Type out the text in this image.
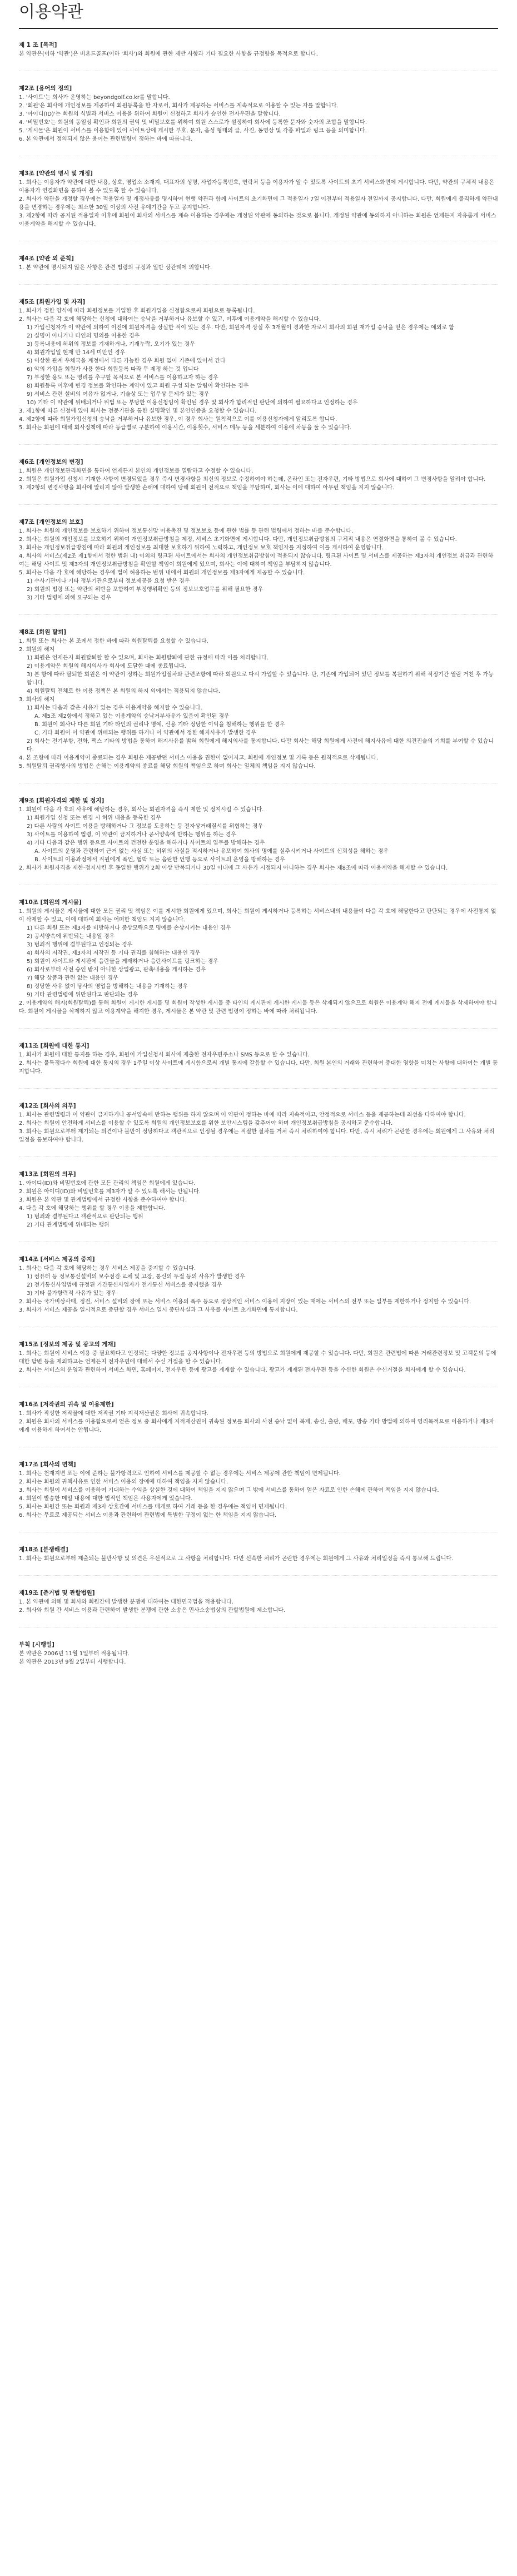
이용약관
제 1 조 [목적]

본 약관은(이하 '약관')은 비욘드골프(이하 '회사')와 회원에 관한 제반 사항과 기타 필요한 사항을 규정함을 목적으로 합니다.

제2조 [용어의 정의]

1. '사이트'는 회사가 운영하는 beyondgolf.co.kr를 말합니다.

2. '회원'은 회사에 개인정보를 제공하여 회원등록을 한 자로서, 회사가 제공하는 서비스를 계속적으로 이용할 수 있는 자를 말합니다.

3. '아이디(ID)'는 회원의 식별과 서비스 이용을 위하여 회원이 신청하고 회사가 승인한 전자우편을 말합니다.

4. '비밀번호'는 회원의 동일성 확인과 회원의 권익 및 비밀보호를 위하여 회원 스스로가 설정하여 회사에 등록한 문자와 숫자의 조합을 말합니다.

5. '게시물'은 회원이 서비스를 이용함에 있어 사이트상에 게시한 부호, 문자, 음성 형태의 글, 사진, 동영상 및 각종 파일과 링크 등을 의미합니다.

6. 본 약관에서 정의되지 않은 용어는 관련법령이 정하는 바에 따릅니다.

제3조 [약관의 명시 및 개정]

1. 회사는 이용자가 약관에 대한 내용, 상호, 영업소 소재지, 대표자의 성명, 사업자등록번호, 연락처 등을 이용자가 알 수 있도록 사이트의 초기 서비스화면에 게시합니다. 다만, 약관의 구체적 내용은 이용자가 연결화면을 통하여 볼 수 있도록 할 수 있습니다.

2. 회사가 약관을 개정할 경우에는 적용일자 및 개정사유를 명시하여 현행 약관과 함께 사이트의 초기화면에 그 적용일자 7일 이전부터 적용일자 전일까지 공지합니다. 다만, 회원에게 불리하게 약관내용을 변경하는 경우에는 최소한 30일 이상의 사전 유예기간을 두고 공지합니다.

3. 제2항에 따라 공지된 적용일자 이후에 회원이 회사의 서비스를 계속 이용하는 경우에는 개정된 약관에 동의하는 것으로 봅니다. 개정된 약관에 동의하지 아니하는 회원은 언제든지 자유롭게 서비스 이용계약을 해지할 수 있습니다.

제4조 [약관 외 준칙]

1. 본 약관에 명시되지 않은 사항은 관련 법령의 규정과 일반 상관례에 의합니다.

제5조 [회원가입 및 자격]

1. 회사가 정한 양식에 따라 회원정보를 기입한 후 회원가입을 신청함으로써 회원으로 등록됩니다.

2. 회사는 다음 각 호에 해당하는 신청에 대하여는 승낙을 거부하거나 유보할 수 있고, 이후에 이용계약을 해지할 수 있습니다.

1) 가입신청자가 이 약관에 의하여 이전에 회원자격을 상실한 적이 있는 경우. 다만, 회원자격 상실 후 3개월이 경과한 자로서 회사의 회원 재가입 승낙을 얻은 경우에는 예외로 함

2) 실명이 아니거나 타인의 명의를 이용한 경우

3) 등록내용에 허위의 정보를 기재하거나, 기재누락, 오기가 있는 경우

4) 회원가입일 현재 만 14세 미만인 경우

5) 이상한 관계 우체국을 계정에서 다른 가능한 경우 회원 없이 기존에 있어서 간다

6) 악의 가입을 회원가 사용 한다 회원등록 따라 무 제정 하는 것 입니다

7) 부정한 용도 또는 영리를 추구할 목적으로 본 서비스를 이용하고자 하는 경우

8) 회원등록 이후에 변경 정보를 확인하는 계약이 있고 회원 구성 되는 알림이 확인하는 경우

9) 서비스 관련 설비의 여유가 없거나, 기술상 또는 업무상 문제가 있는 경우

10) 기타 이 약관에 위배되거나 위법 또는 부당한 이용신청임이 확인된 경우 및 회사가 합리적인 판단에 의하여 필요하다고 인정하는 경우

3. 제1항에 따른 신청에 있어 회사는 전문기관을 통한 실명확인 및 본인인증을 요청할 수 있습니다.

4. 제2항에 따라 회원가입신청의 승낙을 거부하거나 유보한 경우, 이 경우 회사는 원칙적으로 이를 이용신청자에게 알리도록 합니다.

5. 회사는 회원에 대해 회사정책에 따라 등급별로 구분하여 이용시간, 이용횟수, 서비스 메뉴 등을 세분하여 이용에 차등을 둘 수 있습니다.

제6조 [개인정보의 변경]

1. 회원은 개인정보관리화면을 통하여 언제든지 본인의 개인정보를 열람하고 수정할 수 있습니다.

2. 회원은 회원가입 신청시 기재한 사항이 변경되었을 경우 즉시 변경사항을 최신의 정보로 수정하여야 하는데, 온라인 또는 전자우편, 기타 방법으로 회사에 대하여 그 변경사항을 알려야 합니다.

3. 제2항의 변경사항을 회사에 알리지 않아 발생한 손해에 대하여 당해 회원이 전적으로 책임을 부담하며, 회사는 이에 대하여 아무런 책임을 지지 않습니다.

제7조 [개인정보의 보호]

1. 회사는 회원의 개인정보를 보호하기 위하여 정보통신망 이용촉진 및 정보보호 등에 관한 법률 등 관련 법령에서 정하는 바를 준수합니다.

2. 회사는 회원의 개인정보를 보호하기 위하여 개인정보취급방침을 제정, 서비스 초기화면에 게시합니다. 다만, 개인정보취급방침의 구체적 내용은 연결화면을 통하여 볼 수 있습니다.

3. 회사는 개인정보취급방침에 따라 회원의 개인정보를 최대한 보호하기 위하여 노력하고, 개인정보 보호 책임자를 지정하여 이를 게시하여 운영합니다.

4. 회사의 서비스(제2조 제1항에서 정한 범위 내) 이외의 링크된 사이트에서는 회사의 개인정보취급방침이 적용되지 않습니다. 링크된 사이트 및 서비스를 제공하는 제3자의 개인정보 취급과 관련하여는 해당 사이트 및 제3자의 개인정보취급방침을 확인할 책임이 회원에게 있으며, 회사는 이에 대하여 책임을 부담하지 않습니다.

5. 회사는 다음 각 호에 해당하는 경우에 법이 허용하는 범위 내에서 회원의 개인정보를 제3자에게 제공할 수 있습니다.

1) 수사기관이나 기타 정부기관으로부터 정보제공을 요청 받은 경우

2) 회원의 법령 또는 약관의 위반을 포함하여 부정행위확인 등의 정보보호업무를 위해 필요한 경우

3) 기타 법령에 의해 요구되는 경우

제8조 [회원 탈퇴]

1. 회원 또는 회사는 본 조에서 정한 바에 따라 회원탈퇴를 요청할 수 있습니다.

2. 회원의 해지

1) 회원은 언제든지 회원탈퇴할 할 수 있으며, 회사는 회원탈퇴에 관한 규정에 따라 이를 처리합니다.

2) 이용계약은 회원의 해지의사가 회사에 도달한 때에 종료됩니다.

3) 본 항에 따라 탈퇴한 회원은 이 약관이 정하는 회원가입절차와 관련조항에 따라 회원으로 다시 가입할 수 있습니다. 단, 기존에 가입되어 있던 정보를 복원하기 위해 적정기간 열람 거친 후 가능합니다.

4) 회원탈퇴 전체로 한 이용 정책은 본 회원의 하지 외에서는 적용되지 않습니다.

3. 회사의 해지

1) 회사는 다음과 같은 사유가 있는 경우 이용계약을 해지할 수 있습니다.

A. 제5조 제2항에서 정하고 있는 이용계약의 승낙거부사유가 있음이 확인된 경우

B. 회원이 회사나 다른 회원 기타 타인의 권리나 명예, 신용 기타 정당한 이익을 침해하는 행위를 한 경우

C. 기타 회원이 이 약관에 위배되는 행위를 하거나 이 약관에서 정한 해지사유가 발생한 경우

2) 회사는 전기부항, 전화, 팩스 기타의 방법을 통하여 해지사유를 밝혀 회원에게 해지의사를 통지합니다. 다만 회사는 해당 회원에게 사전에 해지사유에 대한 의견진술의 기회를 부여할 수 있습니다.

4. 본 조항에 따라 이용계약이 종료되는 경우 회원은 제공받던 서비스 이용을 권한이 없어지고, 회원에 개인정보 및 기록 등은 원칙적으로 삭제됩니다.

5. 회원탈퇴 권리행사의 방법은 손해는 이용계약의 종료를 해당 회원의 책임으로 하며 회사는 일체의 책임을 지지 않습니다.

제9조 [회원자격의 제한 및 정지]

1. 회원이 다음 각 호의 사유에 해당하는 경우, 회사는 회원자격을 즉시 제한 및 정지시킬 수 있습니다.

1) 회원가입 신청 또는 변경 시 허위 내용을 등록한 경우

2) 다른 사람의 사이트 이용을 방해하거나 그 정보를 도용하는 등 전자상거래질서를 위협하는 경우

3) 사이트를 이용하여 법령, 이 약관이 금지하거나 공서양속에 반하는 행위를 하는 경우

4) 기타 다음과 같은 행위 등으로 사이트의 건전한 운영을 해하거나 사이트의 업무를 방해하는 경우

A. 사이트의 운영과 관련하여 근거 없는 사실 또는 허위의 사실을 적시하거나 유포하여 회사의 명예를 실추시키거나 사이트의 신뢰성을 해하는 경우

B. 사이트의 이용과정에서 직원에게 폭언, 협박 또는 음란한 언행 등으로 사이트의 운영을 방해하는 경우

2. 회사가 회원자격을 제한·정지시킨 후 동일한 행위가 2회 이상 반복되거나 30일 이내에 그 사유가 시정되지 아니하는 경우 회사는 제8조에 따라 이용계약을 해지할 수 있습니다.

제10조 [회원의 게시물]

1. 회원의 게시물은 게시물에 대한 모든 권리 및 책임은 이를 게시한 회원에게 있으며, 회사는 회원이 게시하거나 등록하는 서비스내의 내용물이 다음 각 호에 해당한다고 판단되는 경우에 사전통지 없이 삭제할 수 있고, 이에 대하여 회사는 어떠한 책임도 지지 않습니다.

1) 다른 회원 또는 제3자를 비방하거나 중상모략으로 명예를 손상시키는 내용인 경우

2) 공서양속에 위반되는 내용일 경우

3) 범죄적 행위에 결부된다고 인정되는 경우

4) 회사의 저작권, 제3자의 저작권 등 기타 권리를 침해하는 내용인 경우

5) 회원이 사이트와 게시판에 음란물을 게재하거나 음란사이트를 링크하는 경우

6) 회사로부터 사전 승인 받지 아니한 상업광고, 판촉내용을 게시하는 경우

7) 해당 상품과 관련 없는 내용인 경우

8) 정당한 사유 없이 당사의 영업을 방해하는 내용을 기재하는 경우

9) 기타 관련법령에 위반된다고 판단되는 경우

2. 이용계약의 해지(회원탈퇴)를 통해 회원이 게시한 게시물 및 회원이 작성한 게시물 중 타인의 게시판에 게시한 게시물 등은 삭제되지 않으므로 회원은 이용계약 해지 전에 게시물을 삭제하여야 합니다. 회원이 게시물을 삭제하지 않고 이용계약을 해지한 경우, 게시물은 본 약관 및 관련 법령이 정하는 바에 따라 처리됩니다.

제11조 [회원에 대한 통지]

1. 회사가 회원에 대한 통지를 하는 경우, 회원이 가입신청시 회사에 제출한 전자우편주소나 SMS 등으로 할 수 있습니다.

2. 회사는 불특정다수 회원에 대한 통지의 경우 1주일 이상 사이트에 게시함으로써 개별 통지에 갈음할 수 있습니다. 다만, 회원 본인의 거래와 관련하여 중대한 영향을 미치는 사항에 대하여는 개별 통지합니다.

제12조 [회사의 의무]

1. 회사는 관련법령과 이 약관이 금지하거나 공서양속에 반하는 행위를 하지 않으며 이 약관이 정하는 바에 따라 지속적이고, 안정적으로 서비스 등을 제공하는데 최선을 다하여야 합니다.

2. 회사는 회원이 안전하게 서비스를 이용할 수 있도록 회원의 개인정보보호를 위한 보안시스템을 갖추어야 하며 개인정보취급방침을 공시하고 준수합니다.

3. 회사는 회원으로부터 제기되는 의견이나 불만이 정당하다고 객관적으로 인정될 경우에는 적절한 절차를 거쳐 즉시 처리하여야 합니다. 다만, 즉시 처리가 곤란한 경우에는 회원에게 그 사유와 처리일정을 통보하여야 합니다.

제13조 [회원의 의무]

1. 아이디(ID)와 비밀번호에 관한 모든 관리의 책임은 회원에게 있습니다.

2. 회원은 아이디(ID)와 비밀번호를 제3자가 알 수 있도록 해서는 안됩니다.

3. 회원은 본 약관 및 관계법령에서 규정한 사항을 준수하여야 합니다.

4. 다음 각 호에 해당하는 행위를 할 경우 이용을 제한합니다.

1) 범죄와 결부된다고 객관적으로 판단되는 행위

2) 기타 관계법령에 위배되는 행위

제14조 [서비스 제공의 중지]

1. 회사는 다음 각 호에 해당하는 경우 서비스 제공을 중지할 수 있습니다.

1) 컴퓨터 등 정보통신설비의 보수점검·교체 및 고장, 통신의 두절 등의 사유가 발생한 경우

2) 전기통신사업법에 규정된 기간통신사업자가 전기통신 서비스를 중지했을 경우

3) 기타 불가항력적 사유가 있는 경우

2. 회사는 국가비상사태, 정전, 서비스 설비의 장애 또는 서비스 이용의 폭주 등으로 정상적인 서비스 이용에 지장이 있는 때에는 서비스의 전부 또는 일부를 제한하거나 정지할 수 있습니다.

3. 회사가 서비스 제공을 일시적으로 중단할 경우 서비스 일시 중단사실과 그 사유를 사이트 초기화면에 통지합니다.

제15조 [정보의 제공 및 광고의 게재]

1. 회사는 회원이 서비스 이용 중 필요하다고 인정되는 다양한 정보를 공지사항이나 전자우편 등의 방법으로 회원에게 제공할 수 있습니다. 다만, 회원은 관련법에 따른 거래관련정보 및 고객문의 등에 대한 답변 등을 제외하고는 언제든지 전자우편에 대해서 수신 거절을 할 수 있습니다.

2. 회사는 서비스의 운영과 관련하여 서비스 화면, 홈페이지, 전자우편 등에 광고를 게재할 수 있습니다. 광고가 게재된 전자우편 등을 수신한 회원은 수신거절을 회사에게 할 수 있습니다.

제16조 [저작권의 귀속 및 이용제한]

1. 회사가 작성한 저작물에 대한 저작권 기타 지적재산권은 회사에 귀속합니다.

2. 회원은 회사의 서비스를 이용함으로써 얻은 정보 중 회사에게 지적재산권이 귀속된 정보를 회사의 사전 승낙 없이 복제, 송신, 출판, 배포, 방송 기타 방법에 의하여 영리목적으로 이용하거나 제3자에게 이용하게 하여서는 안됩니다.

제17조 [회사의 면책]

1. 회사는 천재지변 또는 이에 준하는 불가항력으로 인하여 서비스를 제공할 수 없는 경우에는 서비스 제공에 관한 책임이 면제됩니다.

2. 회사는 회원의 귀책사유로 인한 서비스 이용의 장애에 대하여 책임을 지지 않습니다.

3. 회사는 회원이 서비스를 이용하여 기대하는 수익을 상실한 것에 대하여 책임을 지지 않으며 그 밖에 서비스를 통하여 얻은 자료로 인한 손해에 관하여 책임을 지지 않습니다.

4. 회원이 발송한 메일 내용에 대한 법적인 책임은 사용자에게 있습니다.

5. 회사는 회원간 또는 회원과 제3자 상호간에 서비스를 매개로 하여 거래 등을 한 경우에는 책임이 면제됩니다.

6. 회사는 무료로 제공되는 서비스 이용과 관련하여 관련법에 특별한 규정이 없는 한 책임을 지지 않습니다.

제18조 [분쟁해결]

1. 회사는 회원으로부터 제출되는 불만사항 및 의견은 우선적으로 그 사항을 처리합니다. 다만 신속한 처리가 곤란한 경우에는 회원에게 그 사유와 처리일정을 즉시 통보해 드립니다.

제19조 [준거법 및 관할법원]

1. 본 약관에 의해 및 회사와 회원간에 발생한 분쟁에 대하여는 대한민국법을 적용합니다.

2. 회사와 회원 간 서비스 이용과 관련하여 발생한 분쟁에 관한 소송은 민사소송법상의 관할법원에 제소합니다.

부칙 [시행일]

본 약관은 2006년 11월 1일부터 적용됩니다.

본 약관은 2013년 9월 2일부터 시행합니다.
